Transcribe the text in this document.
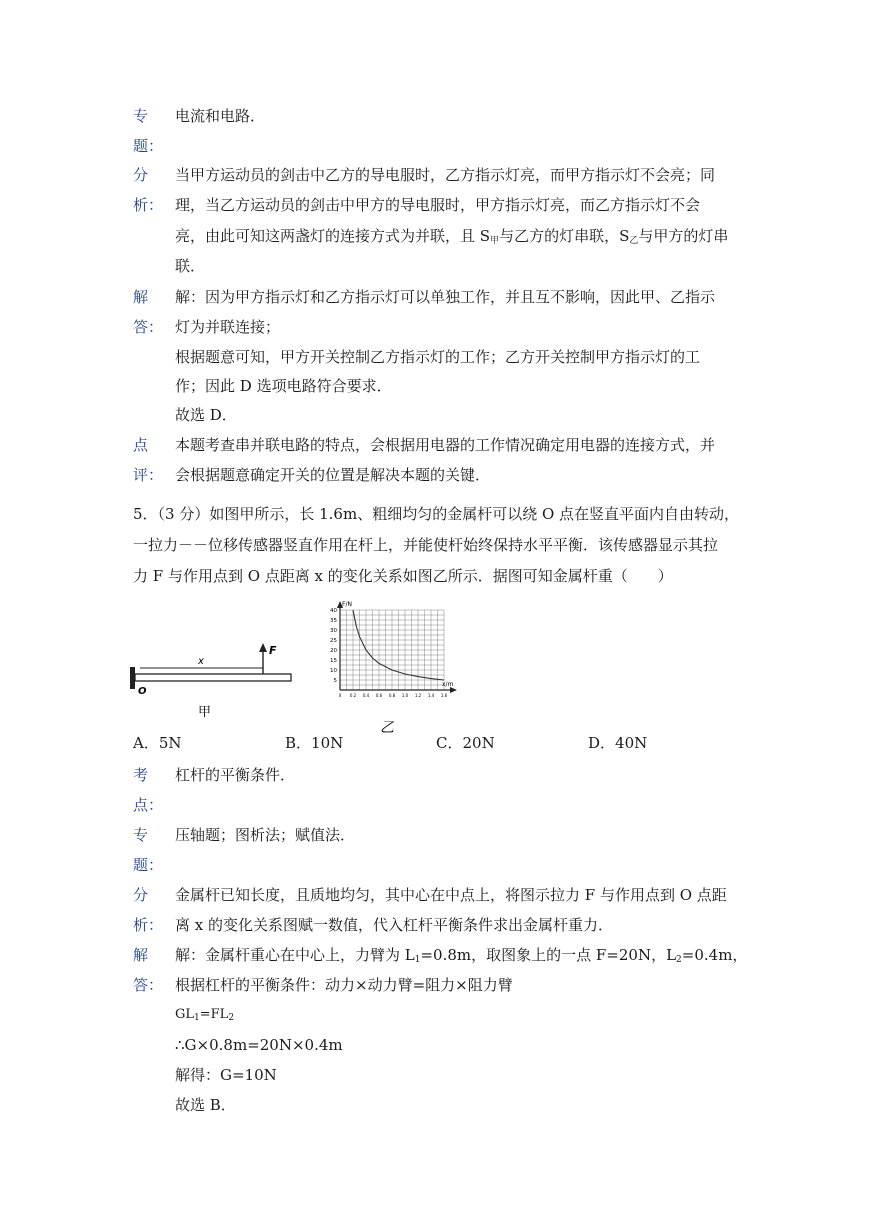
专 电流和电路．
题：
分 当甲方运动员的剑击中乙方的导电服时，乙方指示灯亮，而甲方指示灯不会亮；同
析： 理，当乙方运动员的剑击中甲方的导电服时，甲方指示灯亮，而乙方指示灯不会
亮，由此可知这两盏灯的连接方式为并联，且 $S_甲$与乙方的灯串联，$S_乙$与甲方的灯串
联．
解 解：因为甲方指示灯和乙方指示灯可以单独工作，并且互不影响，因此甲、乙指示
答： 灯为并联连接；
根据题意可知，甲方开关控制乙方指示灯的工作；乙方开关控制甲方指示灯的工
作；因此 D 选项电路符合要求．
故选 D．
点 本题考查串并联电路的特点，会根据用电器的工作情况确定用电器的连接方式，并
评： 会根据题意确定开关的位置是解决本题的关键．
5．（3 分）如图甲所示，长 1.6m、粗细均匀的金属杆可以绕 O 点在竖直平面内自由转动，
一拉力－－位移传感器竖直作用在杆上，并能使杆始终保持水平平衡．该传感器显示其拉
力 F 与作用点到 O 点距离 x 的变化关系如图乙所示．据图可知金属杆重（　　）
F
x
O
甲
40
35
30
25
20
15
10
5
0 0.2 0.4 0.6 0.8 1.0 1.2 1.4 1.6
F/N
x/m
乙
A．5N	B．10N	C．20N	D．40N
考 杠杆的平衡条件．
点：
专 压轴题；图析法；赋值法．
题：
分 金属杆已知长度，且质地均匀，其中心在中点上，将图示拉力 F 与作用点到 O 点距
析： 离 x 的变化关系图赋一数值，代入杠杆平衡条件求出金属杆重力．
解 解：金属杆重心在中心上，力臂为 $L_1=0.8m$，取图象上的一点 F=20N，$L_2=0.4m$，
答： 根据杠杆的平衡条件：动力×动力臂=阻力×阻力臂
$GL_1=FL_2$
∴G×0.8m=20N×0.4m
解得：G=10N
故选 B．
